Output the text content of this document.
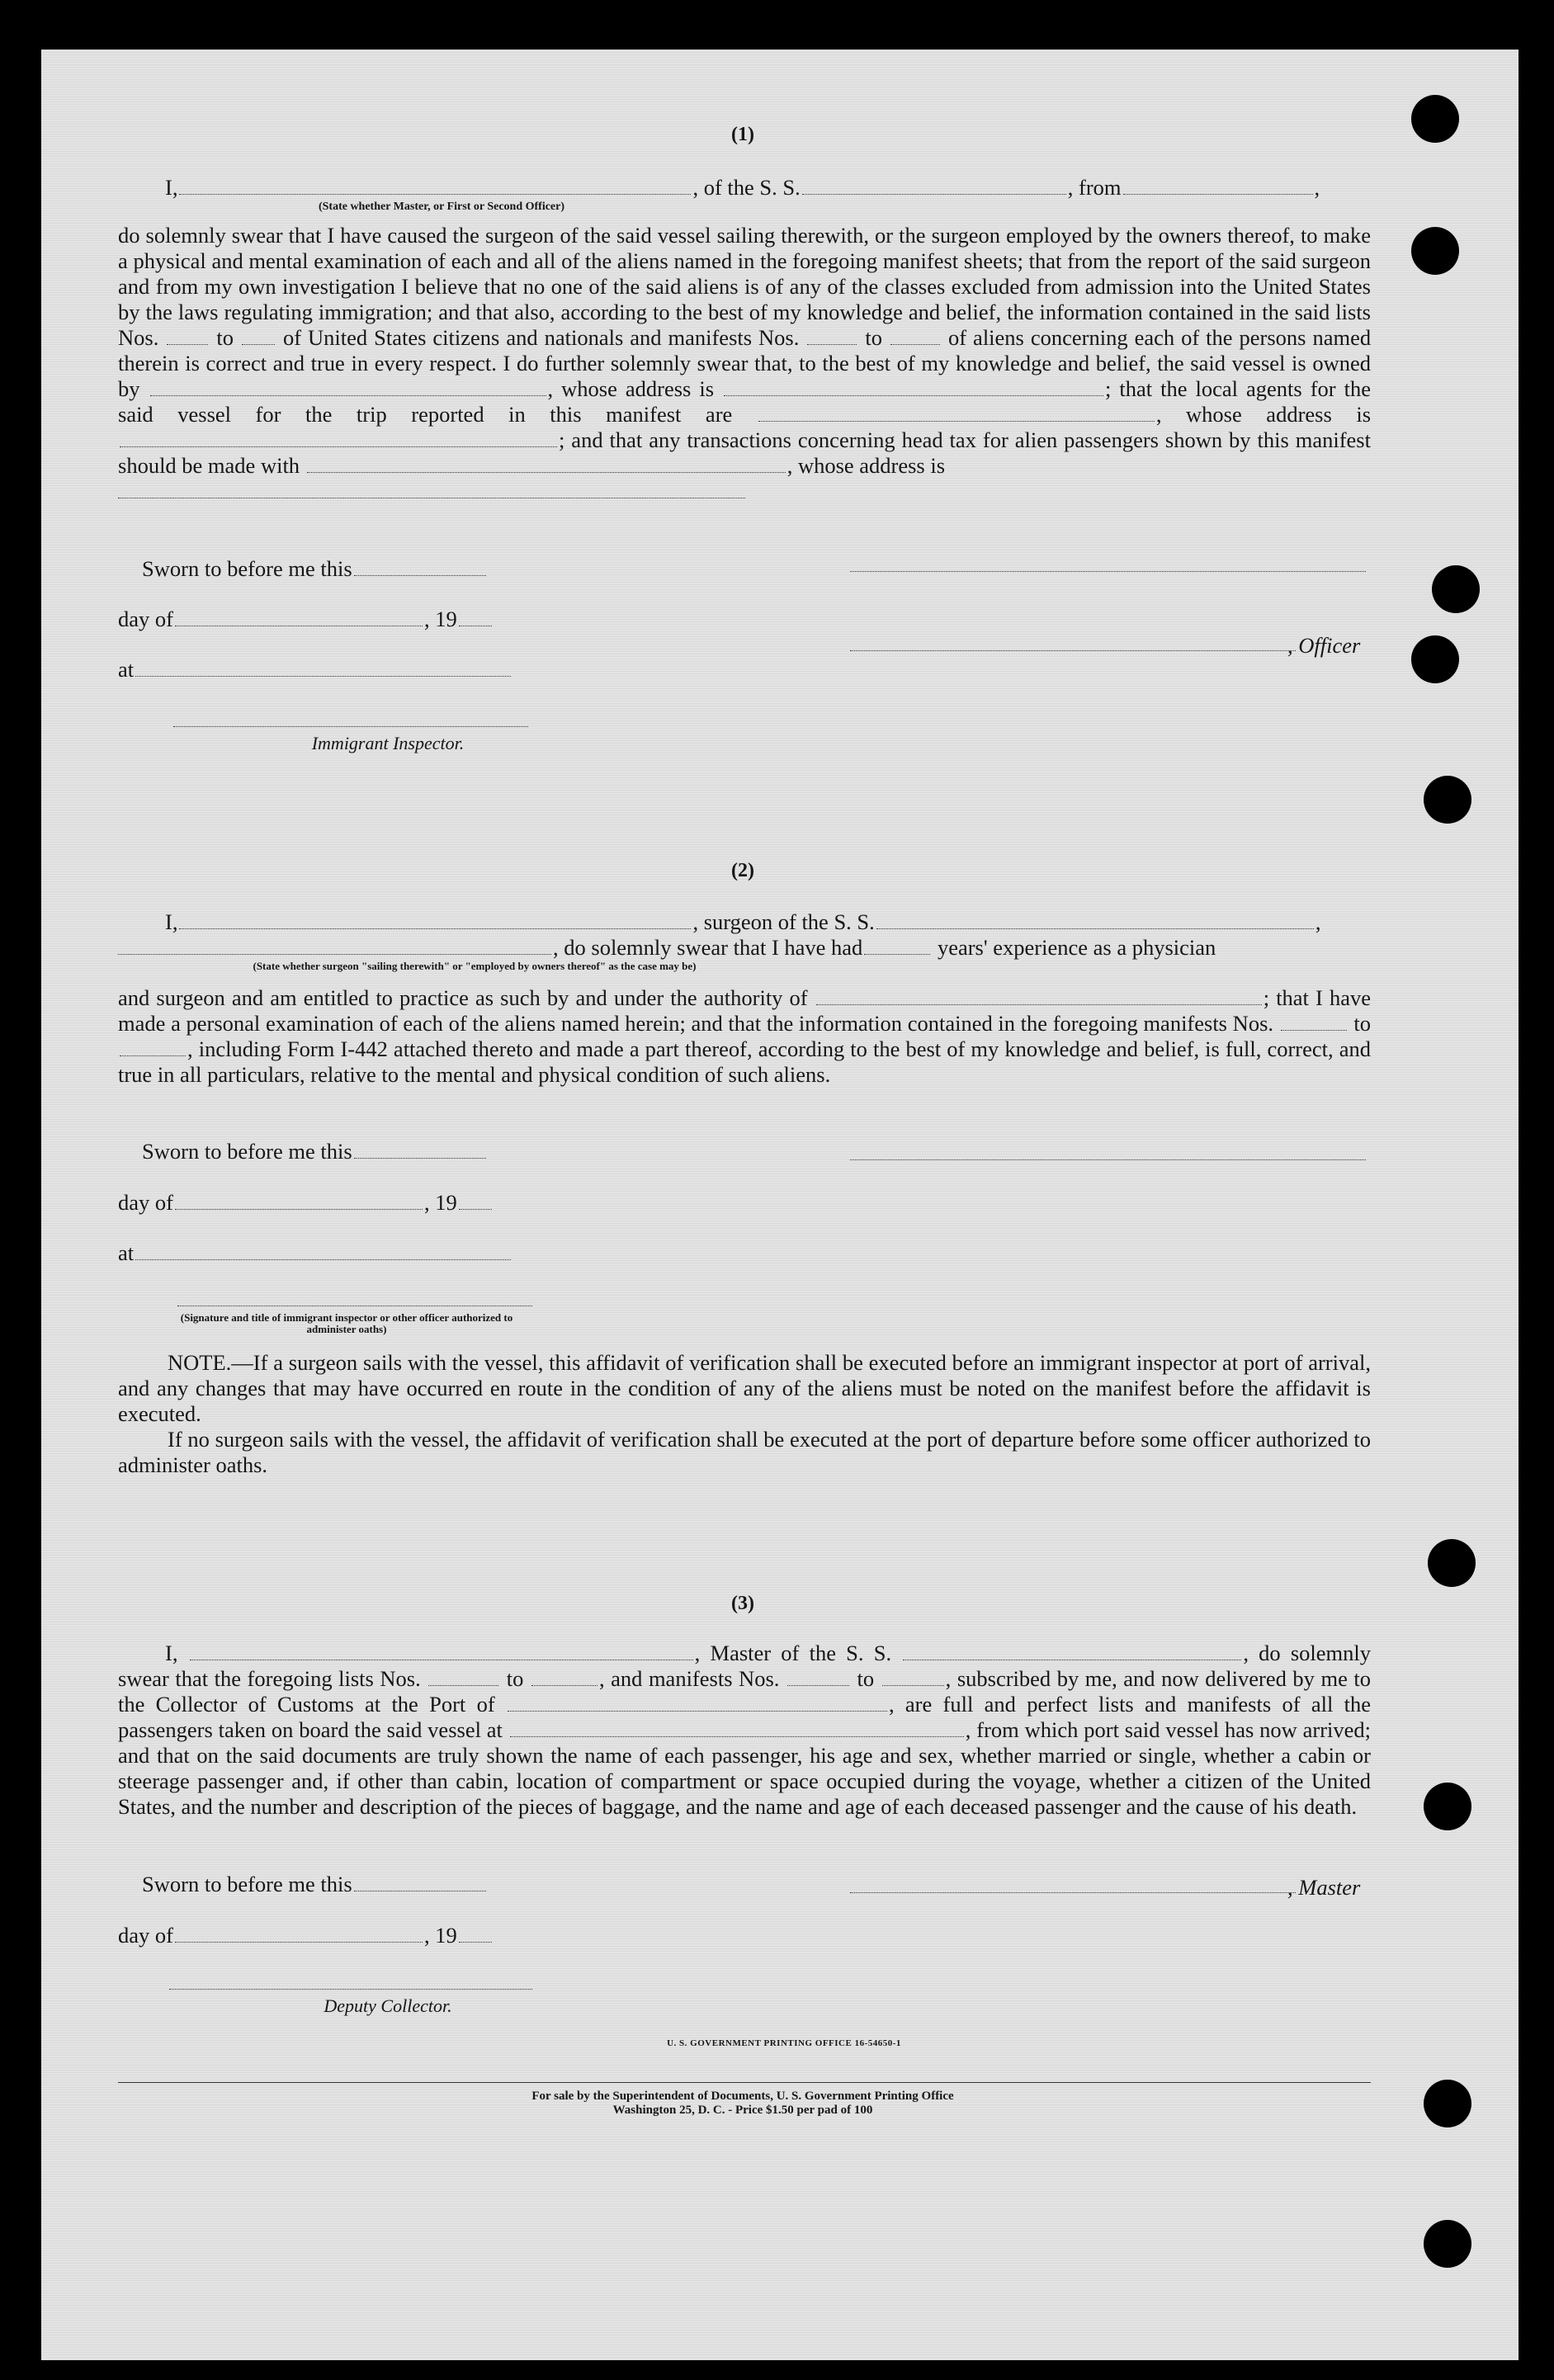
(1)
I,	, of the S. S.	, from	,
(State whether Master, or First or Second Officer)

do solemnly swear that I have caused the surgeon of the said vessel sailing therewith, or the surgeon employed by the owners thereof, to make a physical and mental examination of each and all of the aliens named in the foregoing manifest sheets; that from the report of the said surgeon and from my own investigation I believe that no one of the said aliens is of any of the classes excluded from admission into the United States by the laws regulating immigration; and that also, according to the best of my knowledge and belief, the information contained in the said lists Nos.	to of United States citizens and nationals and manifests Nos.	to	of aliens concerning each of the persons named therein is correct and true in every respect. I do further solemnly swear that, to the best of my knowledge and belief, the said vessel is owned by	, whose address is	; that the local agents for the said vessel for the trip reported in this manifest are	, whose address is ; and that any transactions concerning head tax for alien passengers shown by this manifest should be made with	, whose address is

Sworn to before me this
day of	, 19
at
Immigrant Inspector.
, Officer
(2)
I,	, surgeon of the S. S.	,
, do solemnly swear that I have had	years' experience as a physician
(State whether surgeon "sailing therewith" or "employed by owners thereof" as the case may be)

and surgeon and am entitled to practice as such by and under the authority of	; that I have made a personal examination of each of the aliens named herein; and that the information contained in the foregoing manifests Nos.	to , including Form I-442 attached thereto and made a part thereof, according to the best of my knowledge and belief, is full, correct, and true in all particulars, relative to the mental and physical condition of such aliens.

Sworn to before me this
day of	, 19
at
(Signature and title of immigrant inspector or other officer authorized to administer oaths)

NOTE.—If a surgeon sails with the vessel, this affidavit of verification shall be executed before an immigrant inspector at port of arrival, and any changes that may have occurred en route in the condition of any of the aliens must be noted on the manifest before the affidavit is executed.

If no surgeon sails with the vessel, the affidavit of verification shall be executed at the port of departure before some officer authorized to administer oaths.

(3)

I,	, Master of the S. S.	, do solemnly swear that the foregoing lists Nos.	to	, and manifests Nos.	to	, subscribed by me, and now delivered by me to the Collector of Customs at the Port of	, are full and perfect lists and manifests of all the passengers taken on board the said vessel at	, from which port said vessel has now arrived; and that on the said documents are truly shown the name of each passenger, his age and sex, whether married or single, whether a cabin or steerage passenger and, if other than cabin, location of compartment or space occupied during the voyage, whether a citizen of the United States, and the number and description of the pieces of baggage, and the name and age of each deceased passenger and the cause of his death.

Sworn to before me this
day of	, 19
Deputy Collector.
, Master
U. S. GOVERNMENT PRINTING OFFICE 16-54650-1
For sale by the Superintendent of Documents, U. S. Government Printing Office
Washington 25, D. C. - Price $1.50 per pad of 100
